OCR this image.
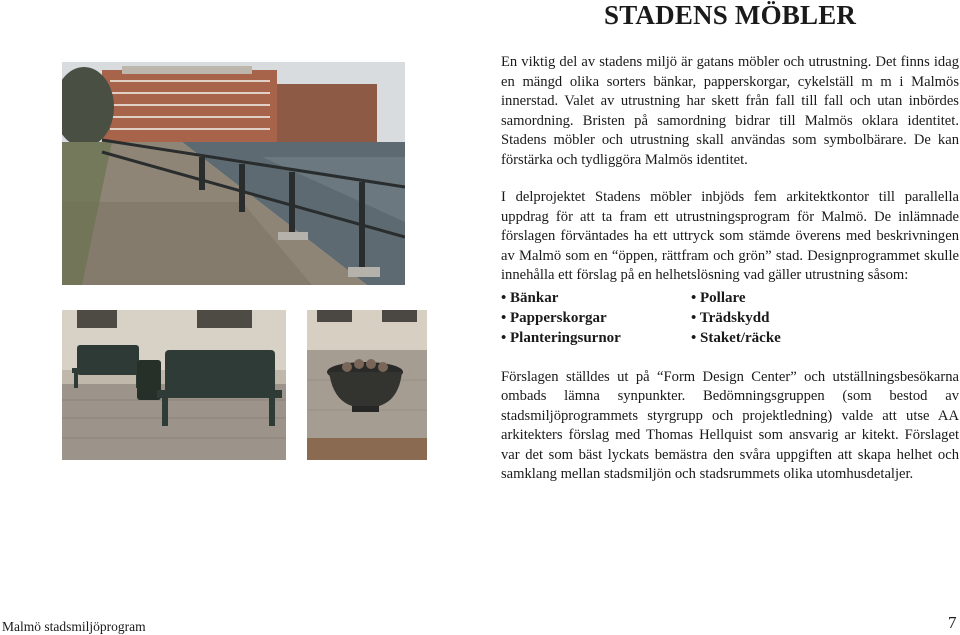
STADENS MÖBLER

En viktig del av stadens miljö är gatans möbler och utrustning. Det finns idag en mängd olika sorters bänkar, papperskorgar, cykelställ m m i Malmös innerstad. Valet av utrustning har skett från fall till fall och utan inbördes samordning. Bristen på samordning bidrar till Malmös oklara identitet. Stadens möbler och utrustning skall användas som symbolbärare. De kan förstärka och tydliggöra Malmös identitet.

I delprojektet Stadens möbler inbjöds fem arkitektkontor till parallella uppdrag för att ta fram ett utrustningsprogram för Malmö. De inlämnade förslagen förväntades ha ett uttryck som stämde överens med beskrivningen av Malmö som en “öppen, rättfram och grön” stad. Designprogrammet skulle innehålla ett förslag på en helhetslösning vad gäller utrustning såsom:

• Bänkar	• Pollare
• Papperskorgar	• Trädskydd
• Planteringsurnor	• Staket/räcke

Förslagen ställdes ut på “Form Design Center” och utställningsbesökarna ombads lämna synpunkter. Bedömningsgruppen (som bestod av stadsmiljöprogrammets styrgrupp och projektledning) valde att utse AA arkitekters förslag med Thomas Hellquist som ansvarig ar kitekt. Förslaget var det som bäst lyckats bemästra den svåra uppgiften att skapa helhet och samklang mellan stadsmiljön och stadsrummets olika utomhusdetaljer.

Malmö stadsmiljöprogram	7
